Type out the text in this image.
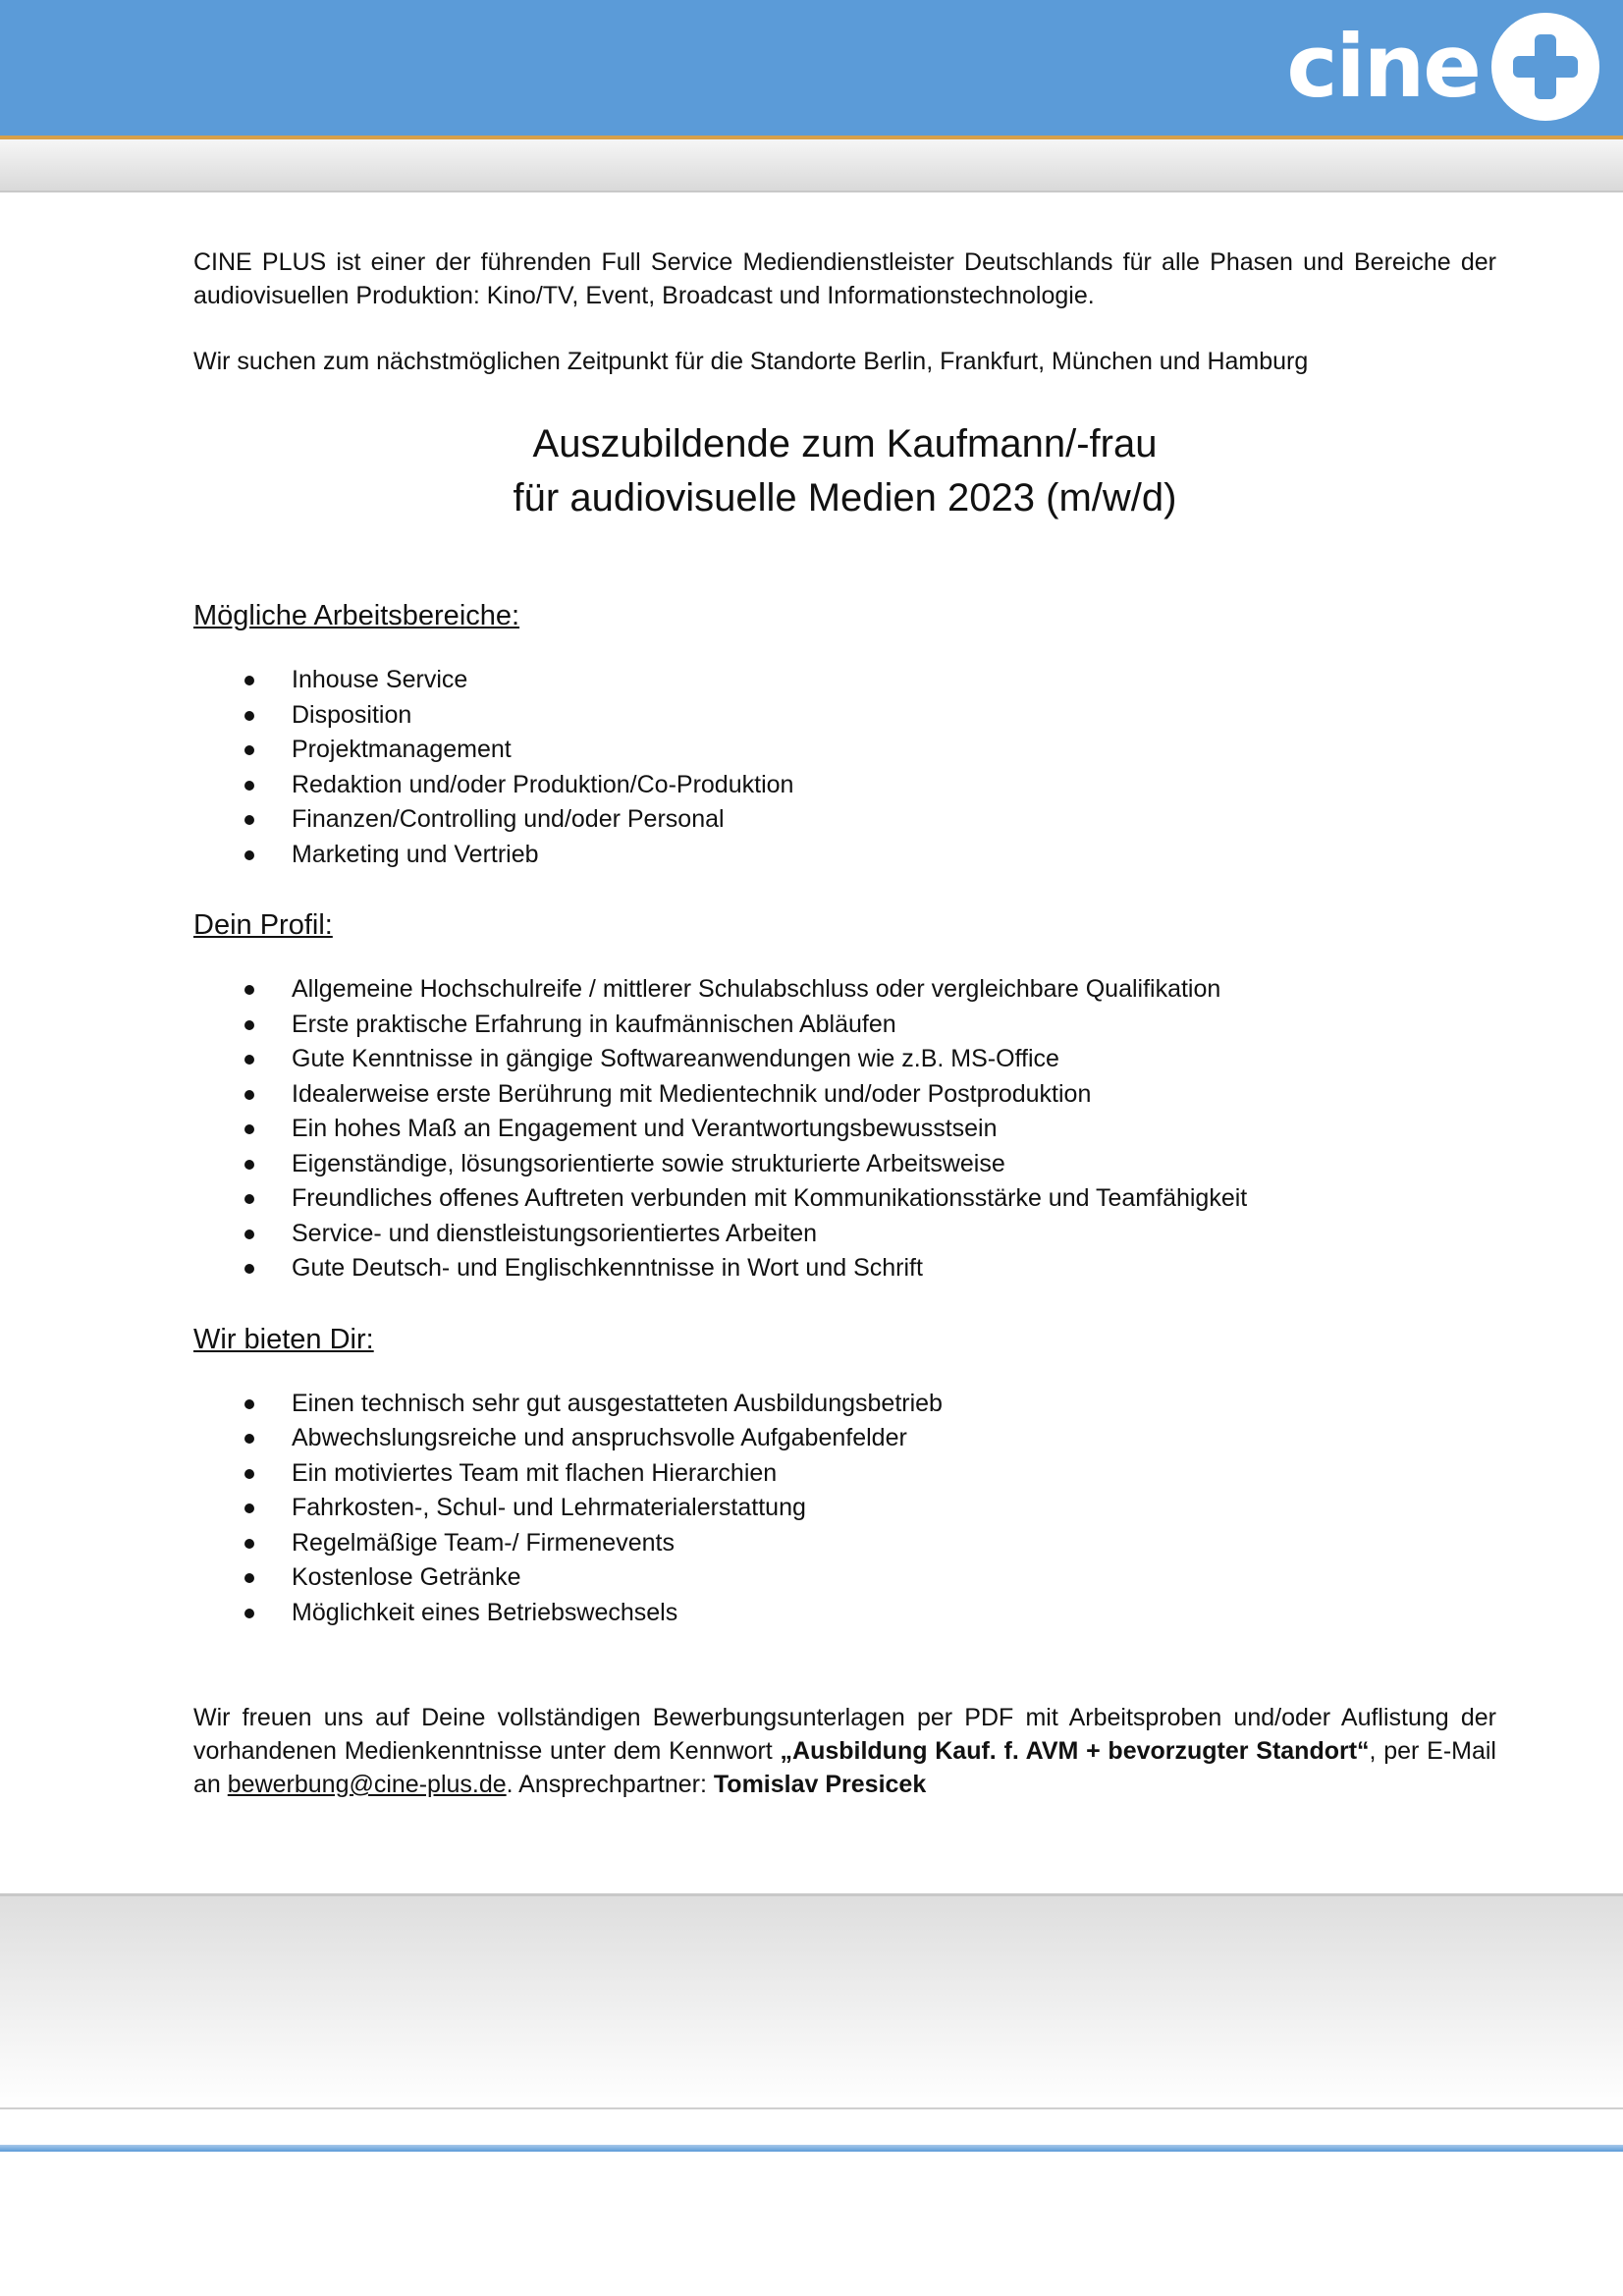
cine

CINE PLUS ist einer der führenden Full Service Mediendienstleister Deutschlands für alle Phasen und Bereiche der audiovisuellen Produktion: Kino/TV, Event, Broadcast und Informationstechnologie.

Wir suchen zum nächstmöglichen Zeitpunkt für die Standorte Berlin, Frankfurt, München und Hamburg

Auszubildende zum Kaufmann/-frau
für audiovisuelle Medien 2023 (m/w/d)
Mögliche Arbeitsbereiche:
Inhouse Service
Disposition
Projektmanagement
Redaktion und/oder Produktion/Co-Produktion
Finanzen/Controlling und/oder Personal
Marketing und Vertrieb
Dein Profil:
Allgemeine Hochschulreife / mittlerer Schulabschluss oder vergleichbare Qualifikation
Erste praktische Erfahrung in kaufmännischen Abläufen
Gute Kenntnisse in gängige Softwareanwendungen wie z.B. MS-Office
Idealerweise erste Berührung mit Medientechnik und/oder Postproduktion
Ein hohes Maß an Engagement und Verantwortungsbewusstsein
Eigenständige, lösungsorientierte sowie strukturierte Arbeitsweise
Freundliches offenes Auftreten verbunden mit Kommunikationsstärke und Teamfähigkeit
Service- und dienstleistungsorientiertes Arbeiten
Gute Deutsch- und Englischkenntnisse in Wort und Schrift
Wir bieten Dir:
Einen technisch sehr gut ausgestatteten Ausbildungsbetrieb
Abwechslungsreiche und anspruchsvolle Aufgabenfelder
Ein motiviertes Team mit flachen Hierarchien
Fahrkosten-, Schul- und Lehrmaterialerstattung
Regelmäßige Team-/ Firmenevents
Kostenlose Getränke
Möglichkeit eines Betriebswechsels

Wir freuen uns auf Deine vollständigen Bewerbungsunterlagen per PDF mit Arbeitsproben und/oder Auflistung der vorhandenen Medienkenntnisse unter dem Kennwort „Ausbildung Kauf. f. AVM + bevorzugter Standort“, per E-Mail an bewerbung@cine-plus.de. Ansprechpartner: Tomislav Presicek
